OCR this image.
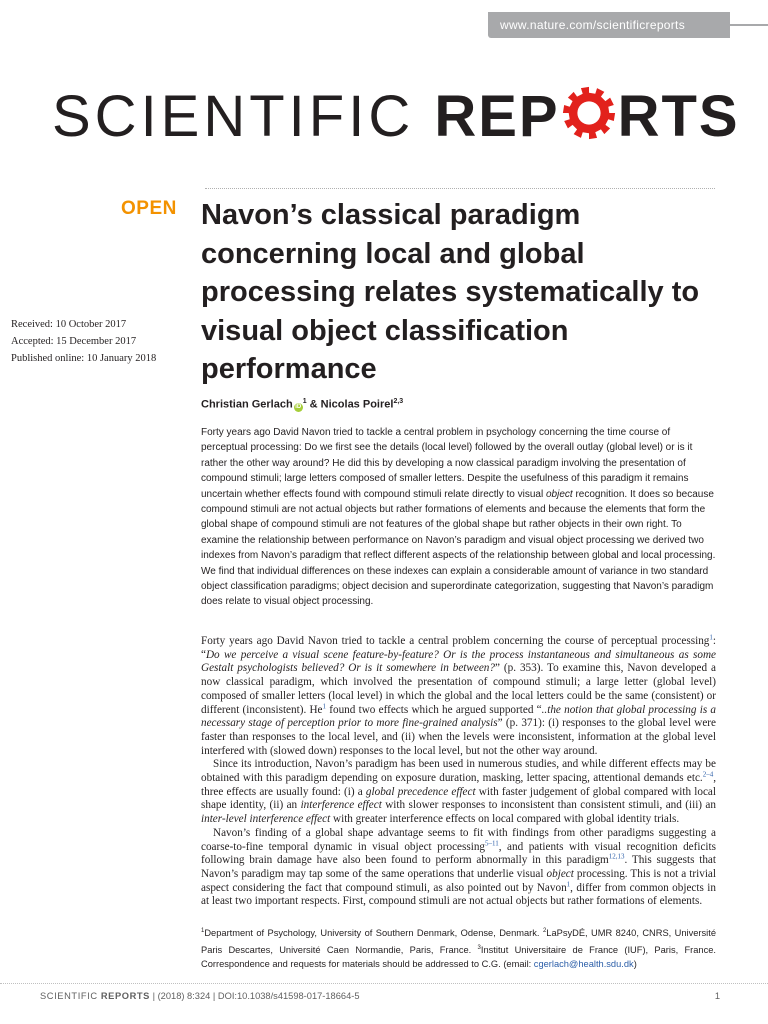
www.nature.com/scientificreports
SCIENTIFIC REP RTS
OPEN
Received: 10 October 2017
Accepted: 15 December 2017
Published online: 10 January 2018
Navon’s classical paradigm concerning local and global processing relates systematically to visual object classification performance
Christian Gerlach $iD^1$ & Nicolas Poirel$^{2,3}$
Forty years ago David Navon tried to tackle a central problem in psychology concerning the time course of perceptual processing: Do we first see the details (local level) followed by the overall outlay (global level) or is it rather the other way around? He did this by developing a now classical paradigm involving the presentation of compound stimuli; large letters composed of smaller letters. Despite the usefulness of this paradigm it remains uncertain whether effects found with compound stimuli relate directly to visual object recognition. It does so because compound stimuli are not actual objects but rather formations of elements and because the elements that form the global shape of compound stimuli are not features of the global shape but rather objects in their own right. To examine the relationship between performance on Navon’s paradigm and visual object processing we derived two indexes from Navon’s paradigm that reflect different aspects of the relationship between global and local processing. We find that individual differences on these indexes can explain a considerable amount of variance in two standard object classification paradigms; object decision and superordinate categorization, suggesting that Navon’s paradigm does relate to visual object processing.

Forty years ago David Navon tried to tackle a central problem concerning the course of perceptual processing$^1$: “Do we perceive a visual scene feature-by-feature? Or is the process instantaneous and simultaneous as some Gestalt psychologists believed? Or is it somewhere in between?” (p. 353). To examine this, Navon developed a now classical paradigm, which involved the presentation of compound stimuli; a large letter (global level) composed of smaller letters (local level) in which the global and the local letters could be the same (consistent) or different (inconsistent). He$^1$ found two effects which he argued supported “..the notion that global processing is a necessary stage of perception prior to more fine-grained analysis” (p. 371): (i) responses to the global level were faster than responses to the local level, and (ii) when the levels were inconsistent, information at the global level interfered with (slowed down) responses to the local level, but not the other way around.

Since its introduction, Navon’s paradigm has been used in numerous studies, and while different effects may be obtained with this paradigm depending on exposure duration, masking, letter spacing, attentional demands etc.$^{2-4}$, three effects are usually found: (i) a global precedence effect with faster judgement of global compared with local shape identity, (ii) an interference effect with slower responses to inconsistent than consistent stimuli, and (iii) an inter-level interference effect with greater interference effects on local compared with global identity trials.

Navon’s finding of a global shape advantage seems to fit with findings from other paradigms suggesting a coarse-to-fine temporal dynamic in visual object processing$^{5-11}$, and patients with visual recognition deficits following brain damage have also been found to perform abnormally in this paradigm$^{12,13}$. This suggests that Navon’s paradigm may tap some of the same operations that underlie visual object processing. This is not a trivial aspect considering the fact that compound stimuli, as also pointed out by Navon$^1$, differ from common objects in at least two important respects. First, compound stimuli are not actual objects but rather formations of elements.

$^1$Department of Psychology, University of Southern Denmark, Odense, Denmark. $^2$LaPsyDÉ, UMR 8240, CNRS, Université Paris Descartes, Université Caen Normandie, Paris, France. $^3$Institut Universitaire de France (IUF), Paris, France. Correspondence and requests for materials should be addressed to C.G. (email: cgerlach@health.sdu.dk)
SCIENTIFIC REPORTS | (2018) 8:324 | DOI:10.1038/s41598-017-18664-5	1
